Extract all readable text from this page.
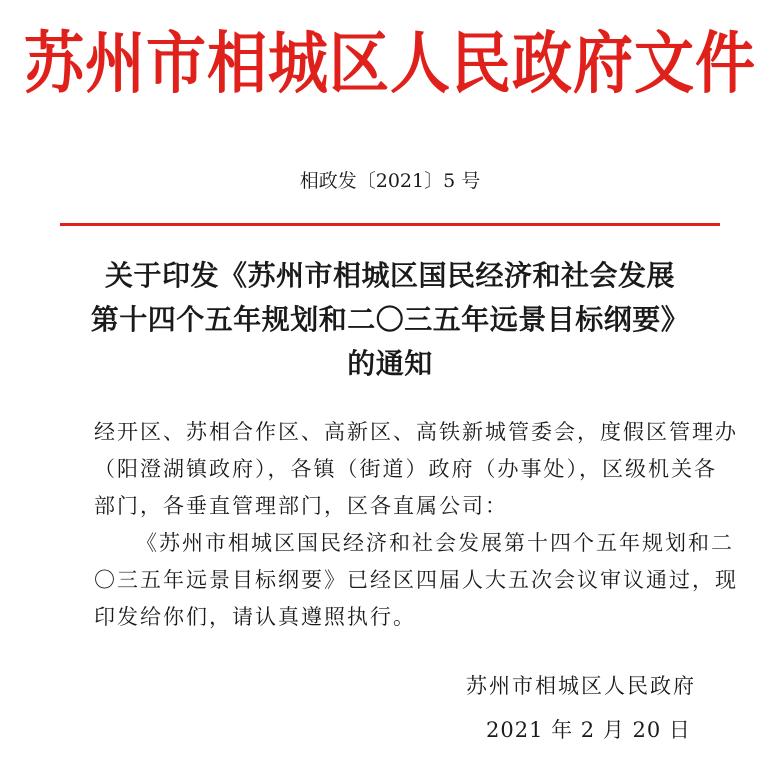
苏州市相城区人民政府文件
相政发〔2021〕5 号
关于印发《苏州市相城区国民经济和社会发展
第十四个五年规划和二〇三五年远景目标纲要》
的通知

经开区、苏相合作区、高新区、高铁新城管委会，度假区管理办

（阳澄湖镇政府），各镇（街道）政府（办事处），区级机关各

部门，各垂直管理部门，区各直属公司：

《苏州市相城区国民经济和社会发展第十四个五年规划和二

〇三五年远景目标纲要》已经区四届人大五次会议审议通过，现

印发给你们，请认真遵照执行。

苏州市相城区人民政府
2021 年 2 月 20 日
